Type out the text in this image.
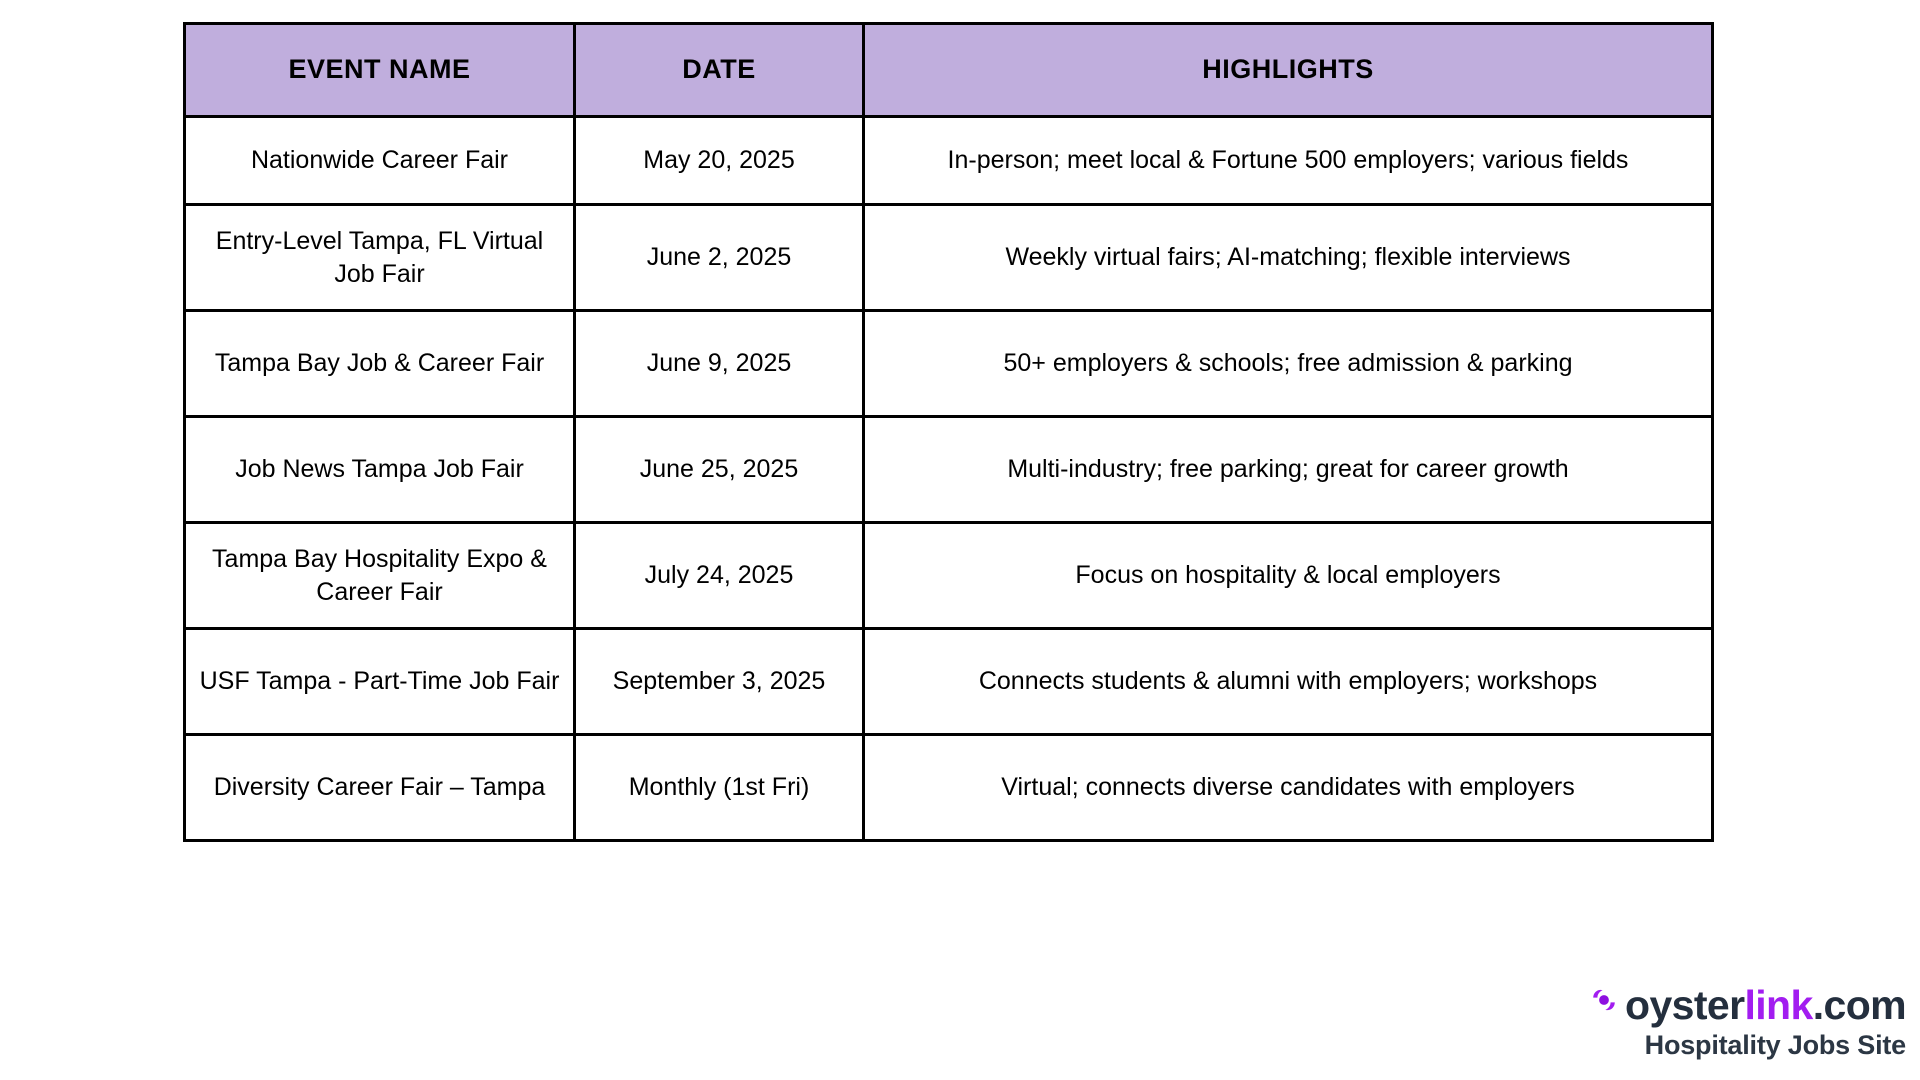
EVENT NAME	DATE	HIGHLIGHTS
Nationwide Career Fair	May 20, 2025	In-person; meet local & Fortune 500 employers; various fields
Entry-Level Tampa, FL Virtual Job Fair	June 2, 2025	Weekly virtual fairs; AI-matching; flexible interviews
Tampa Bay Job & Career Fair	June 9, 2025	50+ employers & schools; free admission & parking
Job News Tampa Job Fair	June 25, 2025	Multi-industry; free parking; great for career growth
Tampa Bay Hospitality Expo & Career Fair	July 24, 2025	Focus on hospitality & local employers
USF Tampa - Part-Time Job Fair	September 3, 2025	Connects students & alumni with employers; workshops
Diversity Career Fair – Tampa	Monthly (1st Fri)	Virtual; connects diverse candidates with employers
oysterlink.com
Hospitality Jobs Site
